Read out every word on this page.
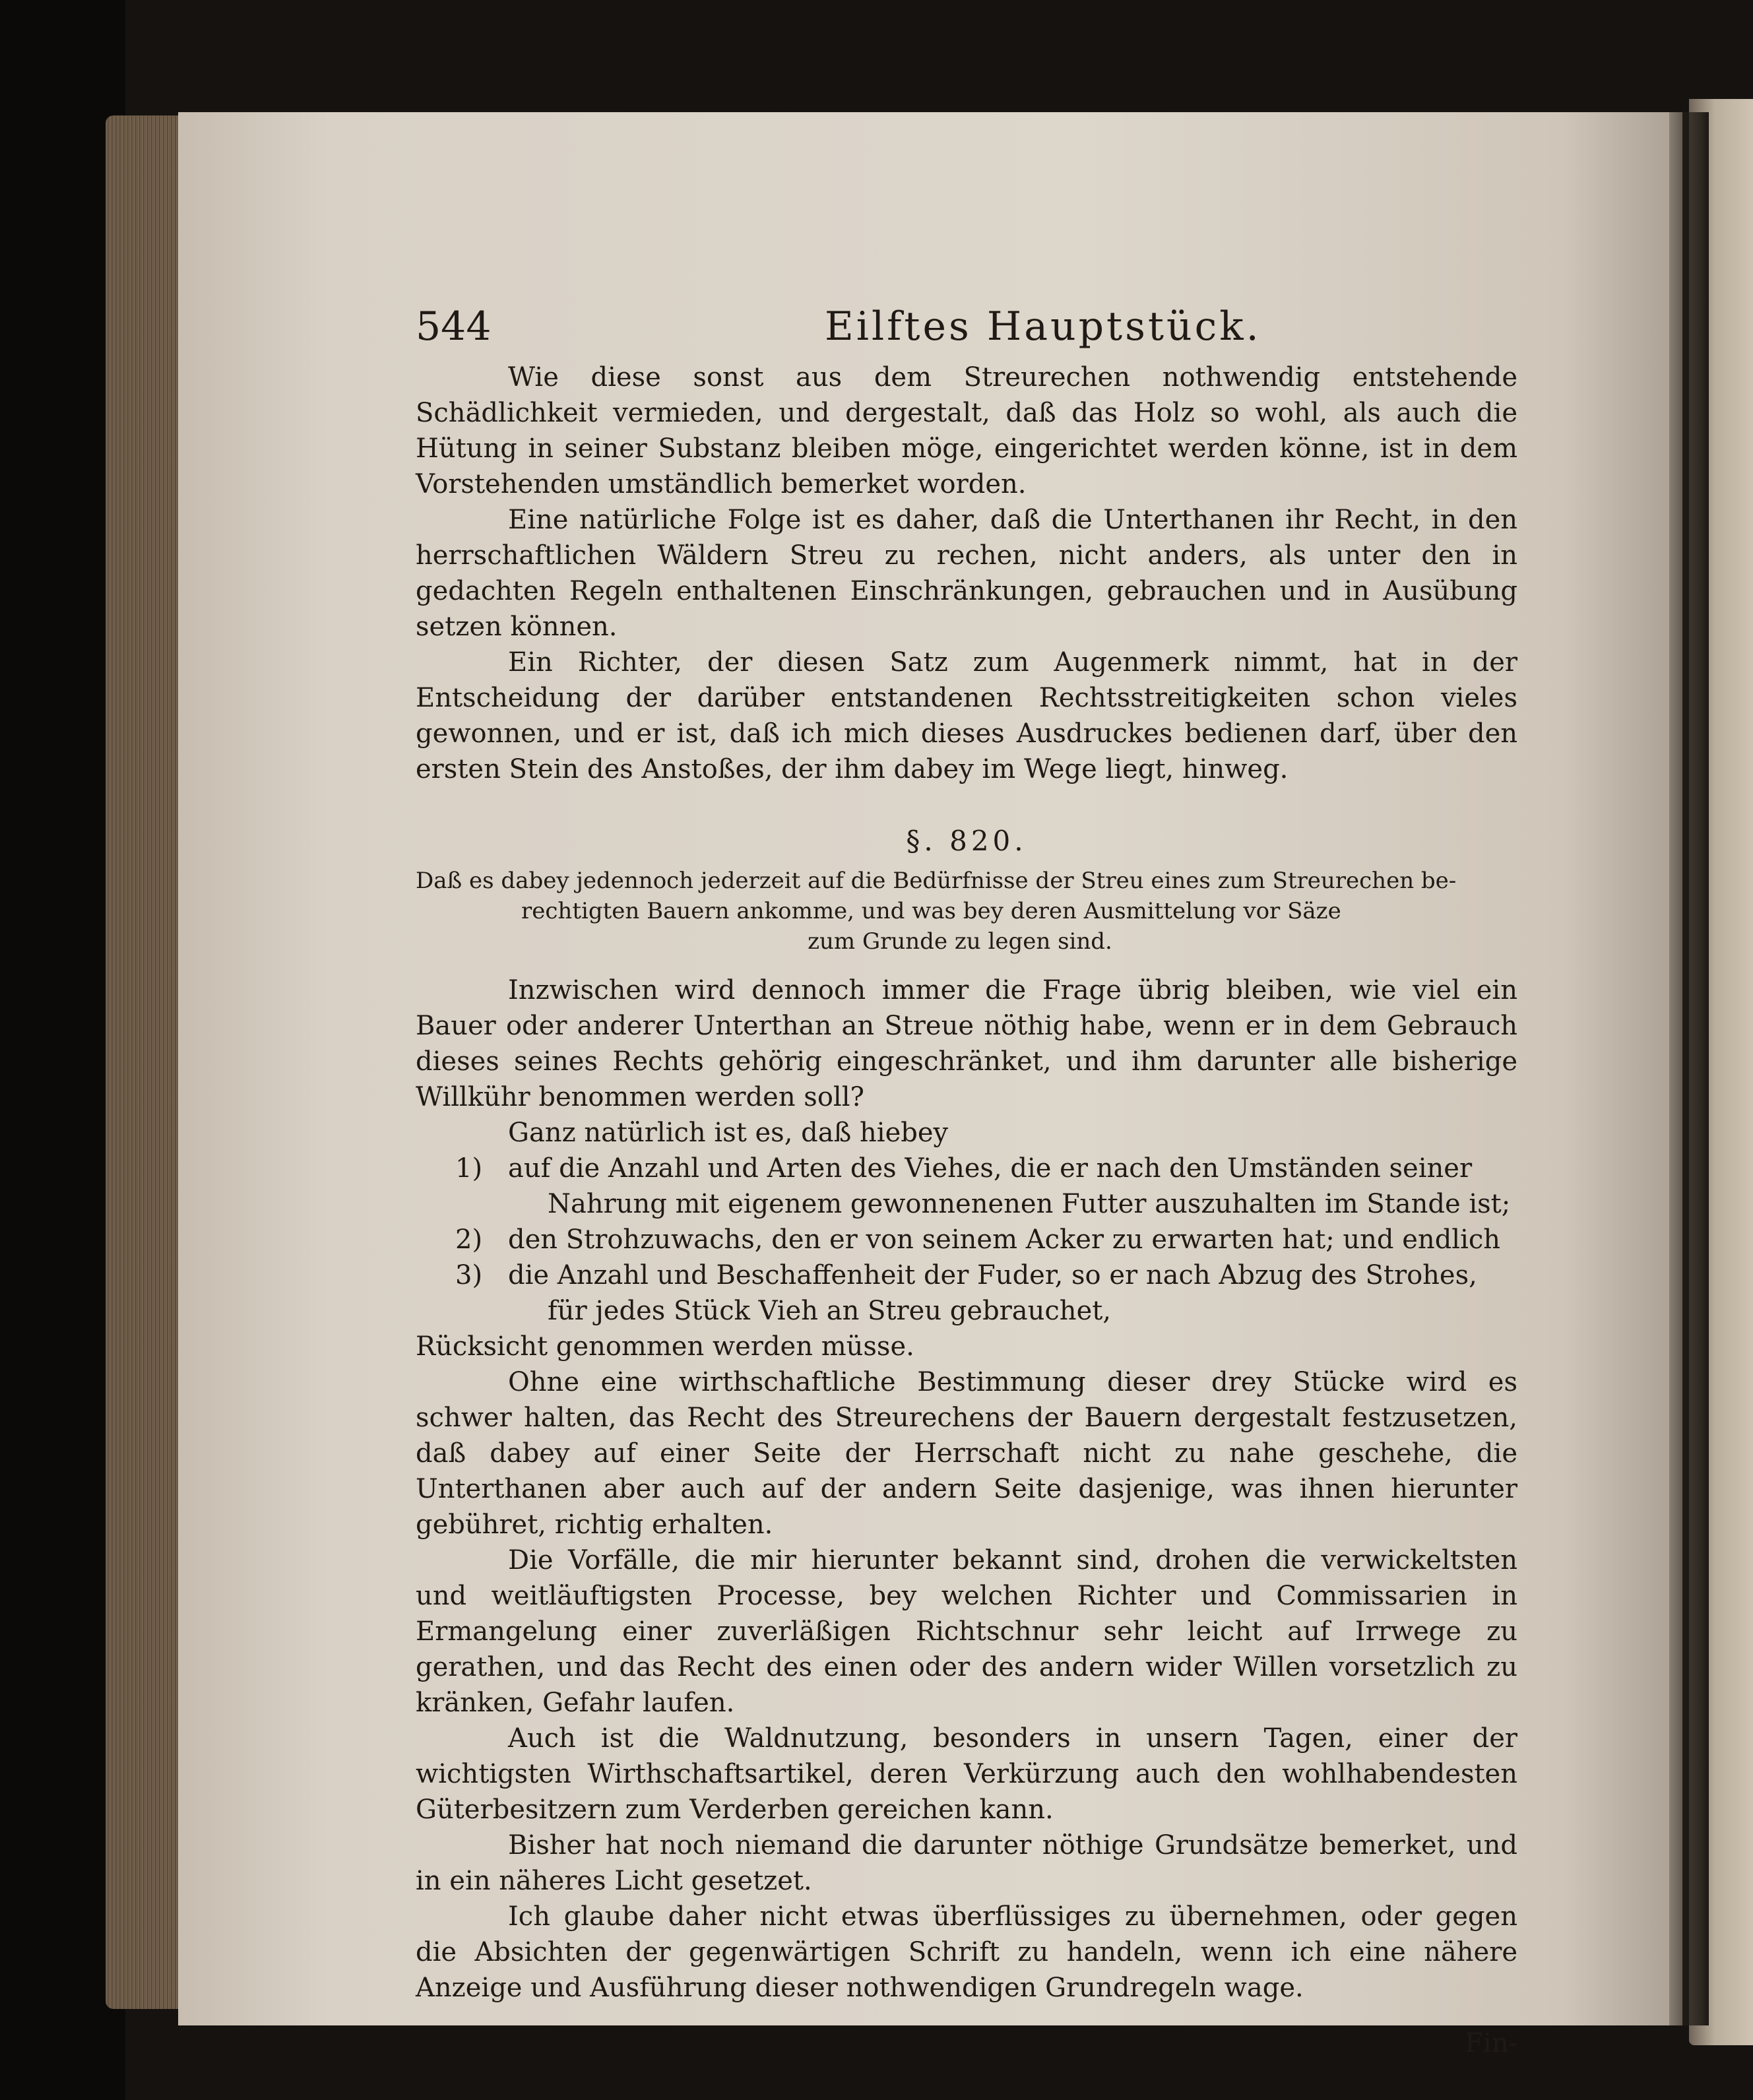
544	Eilftes Hauptstück.

Wie diese sonst aus dem Streurechen nothwendig entstehende Schädlichkeit vermieden, und dergestalt, daß das Holz so wohl, als auch die Hütung in seiner Substanz bleiben möge, eingerichtet werden könne, ist in dem Vorstehenden umständlich bemerket worden.

Eine natürliche Folge ist es daher, daß die Unterthanen ihr Recht, in den herrschaftlichen Wäldern Streu zu rechen, nicht anders, als unter den in gedachten Regeln enthaltenen Einschränkungen, gebrauchen und in Ausübung setzen können.

Ein Richter, der diesen Satz zum Augenmerk nimmt, hat in der Entscheidung der darüber entstandenen Rechtsstreitigkeiten schon vieles gewonnen, und er ist, daß ich mich dieses Ausdruckes bedienen darf, über den ersten Stein des Anstoßes, der ihm dabey im Wege liegt, hinweg.

§. 820.
Daß es dabey jedennoch jederzeit auf die Bedürfnisse der Streu eines zum Streurechen be-
rechtigten Bauern ankomme, und was bey deren Ausmittelung vor Säze
zum Grunde zu legen sind.

Inzwischen wird dennoch immer die Frage übrig bleiben, wie viel ein Bauer oder anderer Unterthan an Streue nöthig habe, wenn er in dem Gebrauch dieses seines Rechts gehörig eingeschränket, und ihm darunter alle bisherige Willkühr benommen werden soll?

Ganz natürlich ist es, daß hiebey

1) auf die Anzahl und Arten des Viehes, die er nach den Umständen seiner
Nahrung mit eigenem gewonnenenen Futter auszuhalten im Stande ist;
2) den Strohzuwachs, den er von seinem Acker zu erwarten hat; und endlich
3) die Anzahl und Beschaffenheit der Fuder, so er nach Abzug des Strohes,
für jedes Stück Vieh an Streu gebrauchet,

Rücksicht genommen werden müsse.

Ohne eine wirthschaftliche Bestimmung dieser drey Stücke wird es schwer halten, das Recht des Streurechens der Bauern dergestalt festzusetzen, daß dabey auf einer Seite der Herrschaft nicht zu nahe geschehe, die Unterthanen aber auch auf der andern Seite dasjenige, was ihnen hierunter gebühret, richtig erhalten.

Die Vorfälle, die mir hierunter bekannt sind, drohen die verwickeltsten und weitläuftigsten Processe, bey welchen Richter und Commissarien in Ermangelung einer zuverläßigen Richtschnur sehr leicht auf Irrwege zu gerathen, und das Recht des einen oder des andern wider Willen vorsetzlich zu kränken, Gefahr laufen.

Auch ist die Waldnutzung, besonders in unsern Tagen, einer der wichtigsten Wirthschaftsartikel, deren Verkürzung auch den wohlhabendesten Güterbesitzern zum Verderben gereichen kann.

Bisher hat noch niemand die darunter nöthige Grundsätze bemerket, und in ein näheres Licht gesetzet.

Ich glaube daher nicht etwas überflüssiges zu übernehmen, oder gegen die Absichten der gegenwärtigen Schrift zu handeln, wenn ich eine nähere Anzeige und Ausführung dieser nothwendigen Grundregeln wage.

Fin-
